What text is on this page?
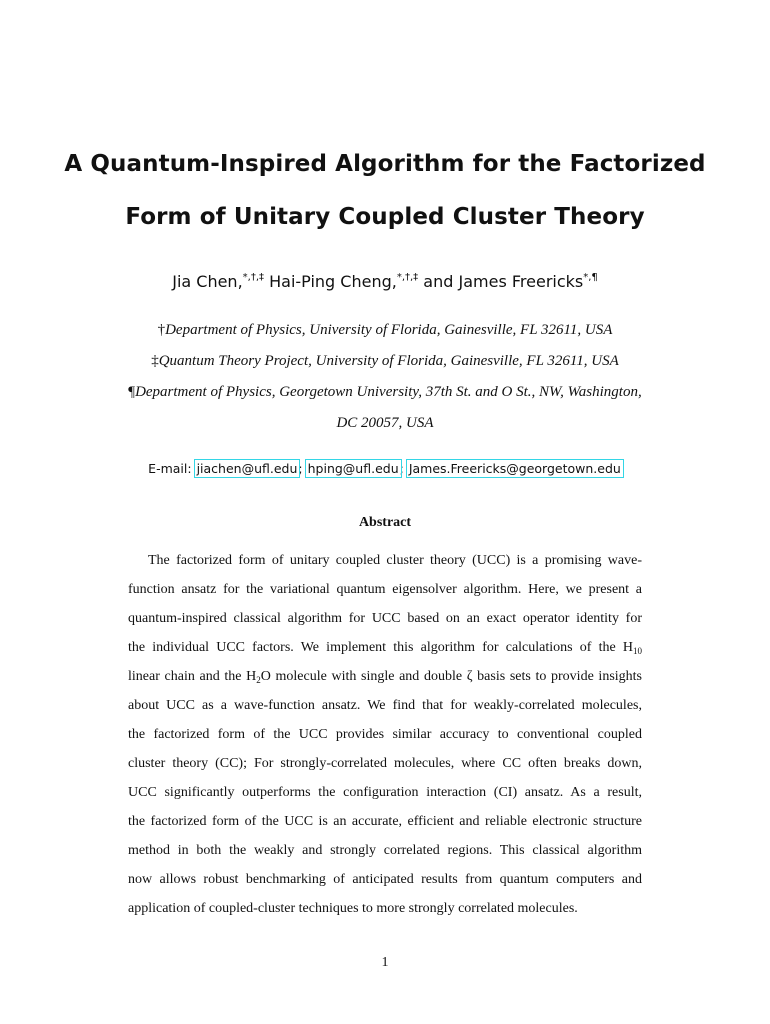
A Quantum-Inspired Algorithm for the Factorized
Form of Unitary Coupled Cluster Theory
Jia Chen,*,†,‡ Hai-Ping Cheng,*,†,‡ and James Freericks*,¶
†Department of Physics, University of Florida, Gainesville, FL 32611, USA
‡Quantum Theory Project, University of Florida, Gainesville, FL 32611, USA
¶Department of Physics, Georgetown University, 37th St. and O St., NW, Washington,
DC 20057, USA
E-mail: jiachen@ufl.edu; hping@ufl.edu; James.Freericks@georgetown.edu
Abstract
The factorized form of unitary coupled cluster theory (UCC) is a promising wave-
function ansatz for the variational quantum eigensolver algorithm. Here, we present a
quantum-inspired classical algorithm for UCC based on an exact operator identity for
the individual UCC factors. We implement this algorithm for calculations of the $H_{10}$
linear chain and the $H_2O$ molecule with single and double ζ basis sets to provide insights
about UCC as a wave-function ansatz. We find that for weakly-correlated molecules,
the factorized form of the UCC provides similar accuracy to conventional coupled
cluster theory (CC); For strongly-correlated molecules, where CC often breaks down,
UCC significantly outperforms the configuration interaction (CI) ansatz. As a result,
the factorized form of the UCC is an accurate, efficient and reliable electronic structure
method in both the weakly and strongly correlated regions. This classical algorithm
now allows robust benchmarking of anticipated results from quantum computers and
application of coupled-cluster techniques to more strongly correlated molecules.
1
